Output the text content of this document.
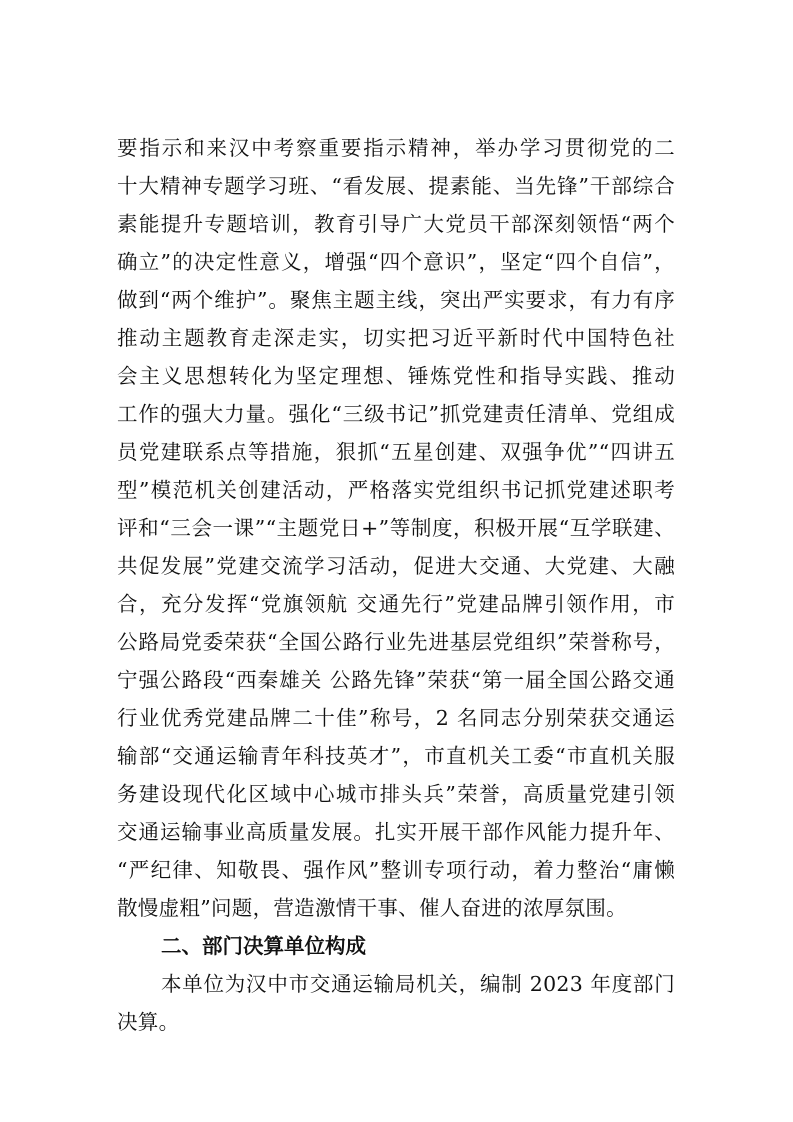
要指示和来汉中考察重要指示精神，举办学习贯彻党的二
十大精神专题学习班、“看发展、提素能、当先锋”干部综合
素能提升专题培训，教育引导广大党员干部深刻领悟“两个
确立”的决定性意义，增强“四个意识”，坚定“四个自信”，
做到“两个维护”。聚焦主题主线，突出严实要求，有力有序
推动主题教育走深走实，切实把习近平新时代中国特色社
会主义思想转化为坚定理想、锤炼党性和指导实践、推动
工作的强大力量。强化“三级书记”抓党建责任清单、党组成
员党建联系点等措施，狠抓“五星创建、双强争优”“四讲五
型”模范机关创建活动，严格落实党组织书记抓党建述职考
评和“三会一课”“主题党日+”等制度，积极开展“互学联建、
共促发展”党建交流学习活动，促进大交通、大党建、大融
合，充分发挥“党旗领航 交通先行”党建品牌引领作用，市
公路局党委荣获“全国公路行业先进基层党组织”荣誉称号，
宁强公路段“西秦雄关 公路先锋”荣获“第一届全国公路交通
行业优秀党建品牌二十佳”称号，2 名同志分别荣获交通运
输部“交通运输青年科技英才”，市直机关工委“市直机关服
务建设现代化区域中心城市排头兵”荣誉，高质量党建引领
交通运输事业高质量发展。扎实开展干部作风能力提升年、
“严纪律、知敬畏、强作风”整训专项行动，着力整治“庸懒
散慢虚粗”问题，营造激情干事、催人奋进的浓厚氛围。
二、部门决算单位构成
本单位为汉中市交通运输局机关，编制 2023 年度部门
决算。
